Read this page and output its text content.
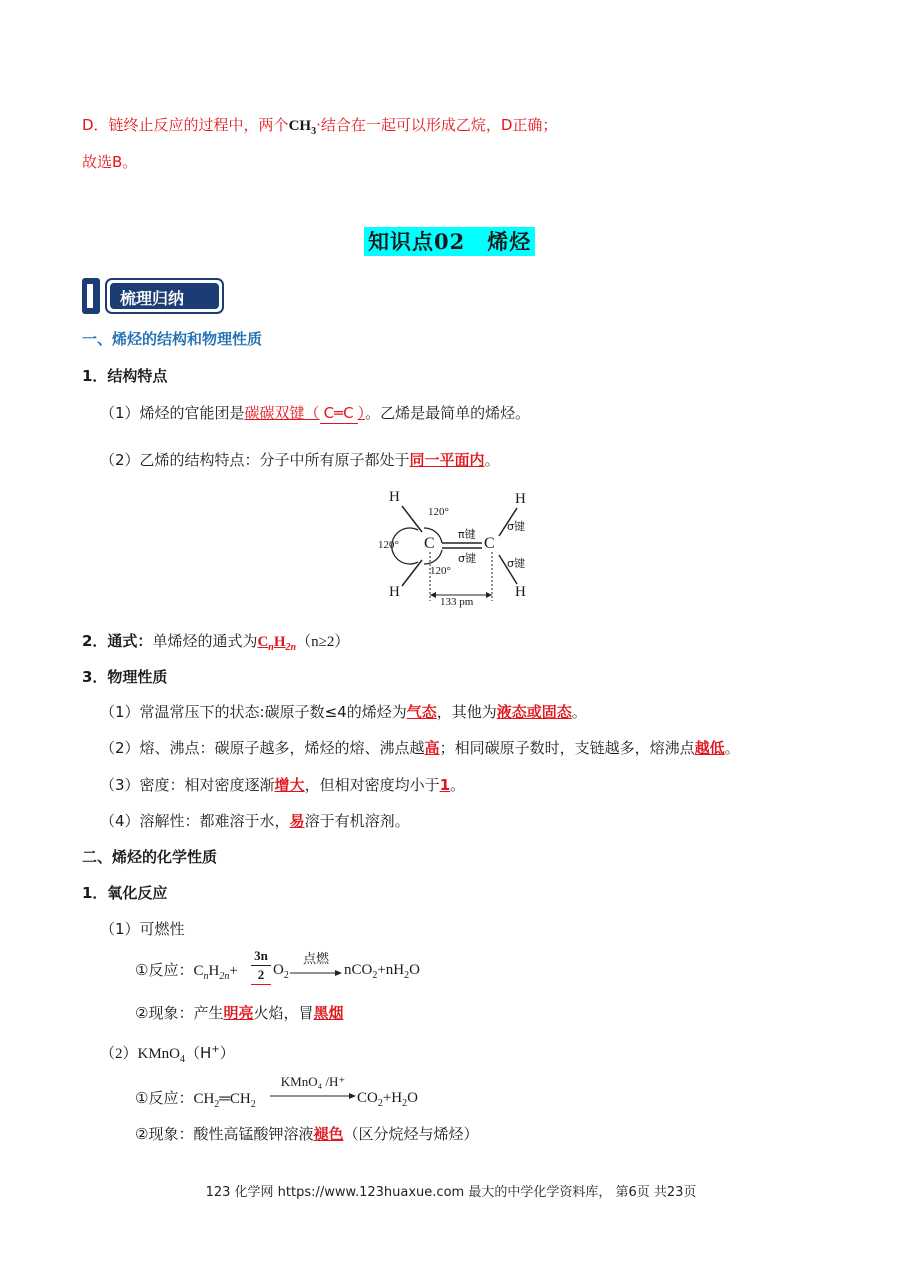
D．链终止反应的过程中，两个$CH_3\cdot$结合在一起可以形成乙烷，D正确；
故选B。
知识点02　烯烃
梳理归纳
一、烯烃的结构和物理性质
1．结构特点
（1）烯烃的官能团是碳碳双键（ C═C ）。乙烯是最简单的烯烃。
（2）乙烯的结构特点：分子中所有原子都处于同一平面内。
H
H
H
H
C	C
120°
120°
120°
π键
σ键
σ键
σ键
133 pm
2．通式：单烯烃的通式为$C_nH_{2n}(n\ge 2)$
3．物理性质
（1）常温常压下的状态:碳原子数≤4的烯烃为气态，其他为液态或固态。
（2）熔、沸点：碳原子越多，烯烃的熔、沸点越高；相同碳原子数时，支链越多，熔沸点越低。
（3）密度：相对密度逐渐增大，但相对密度均小于1。
（4）溶解性：都难溶于水，易溶于有机溶剂。
二、烯烃的化学性质
1．氧化反应
（1）可燃性
①反应：$C_nH_{2n}+$
3n
2 $O_2$
点燃
$nCO_2+nH_2O$
②现象：产生明亮火焰，冒黑烟
（2）KMnO$_4$（H+）
①反应：$CH_2═CH_2$
KMnO₄ /H⁺
$CO_2+H_2O$
②现象：酸性高锰酸钾溶液褪色（区分烷烃与烯烃）
123 化学网 https://www.123huaxue.com 最大的中学化学资料库， 第6页 共23页
